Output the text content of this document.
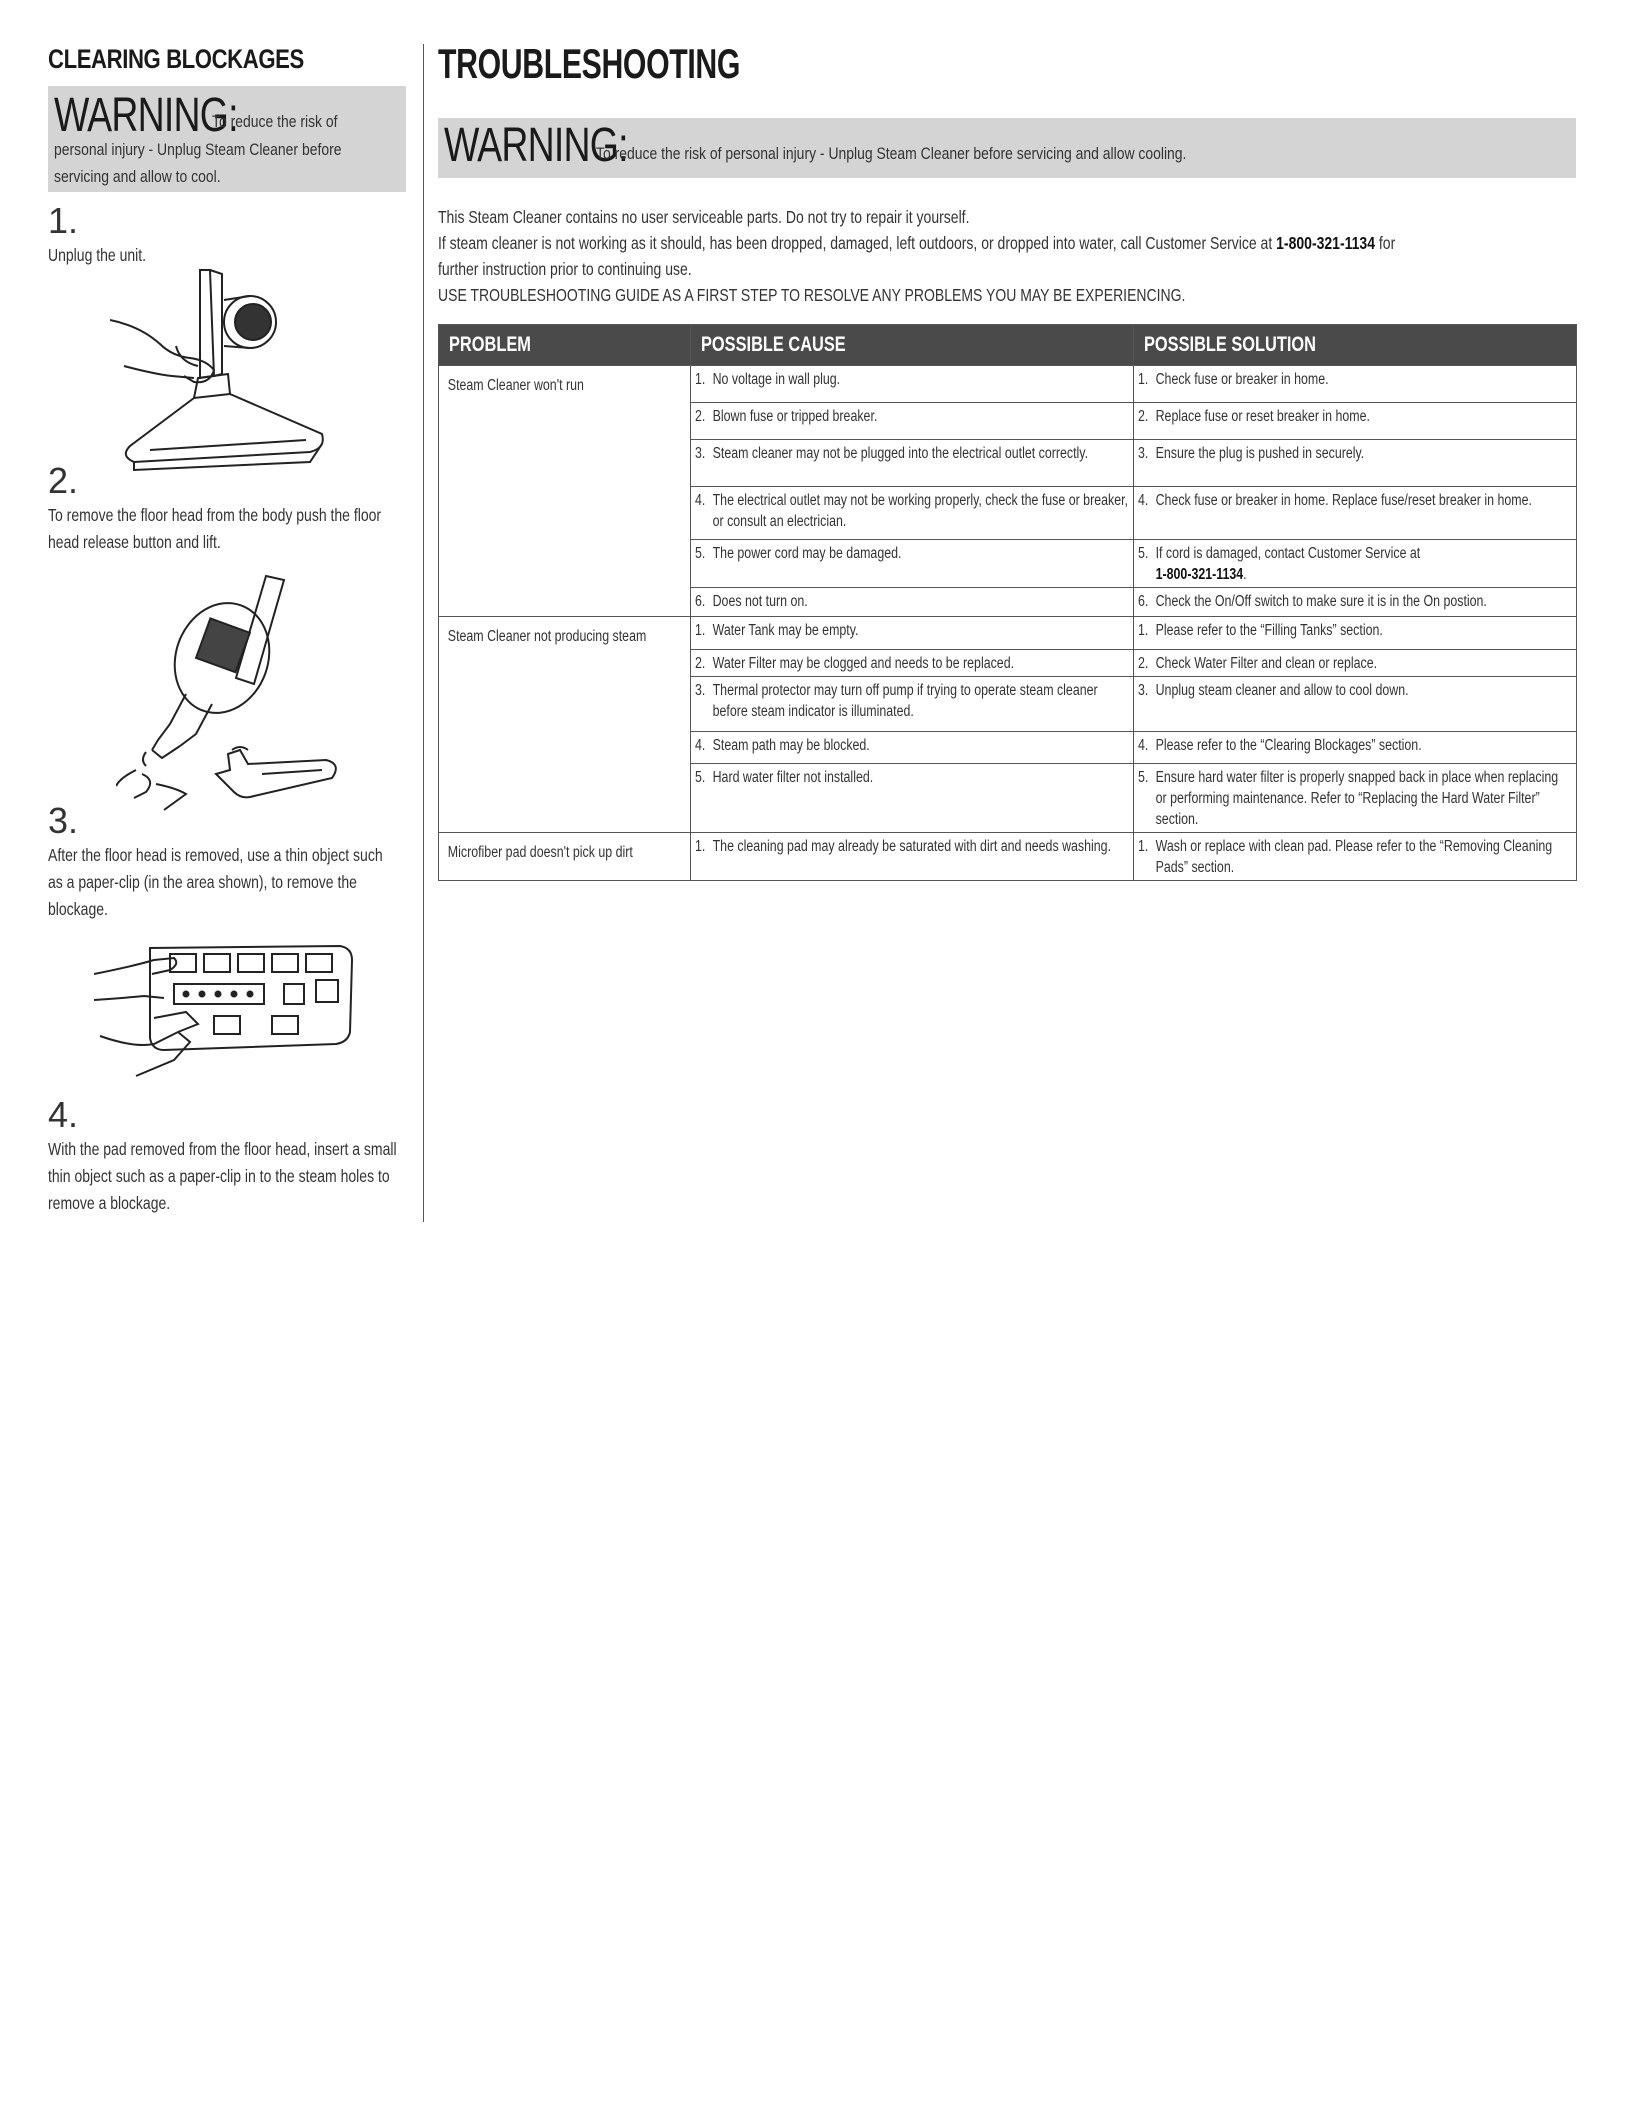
CLEARING BLOCKAGES
WARNING:
To reduce the risk of
personal injury - Unplug Steam Cleaner before servicing and allow to cool.
1.
Unplug the unit.
2.
To remove the floor head from the body push the floor head release button and lift.
3.
After the floor head is removed, use a thin object such as a paper-clip (in the area shown), to remove the blockage.
4.
With the pad removed from the floor head, insert a small thin object such as a paper-clip in to the steam holes to remove a blockage.
TROUBLESHOOTING
WARNING:
To reduce the risk of personal injury - Unplug Steam Cleaner before servicing and allow cooling.

This Steam Cleaner contains no user serviceable parts. Do not try to repair it yourself.

If steam cleaner is not working as it should, has been dropped, damaged, left outdoors, or dropped into water, call Customer Service at 1-800-321-1134 for

further instruction prior to continuing use.

USE TROUBLESHOOTING GUIDE AS A FIRST STEP TO RESOLVE ANY PROBLEMS YOU MAY BE EXPERIENCING.

PROBLEM	POSSIBLE CAUSE	POSSIBLE SOLUTION
Steam Cleaner won't run	1. No voltage in wall plug.	1. Check fuse or breaker in home.

	2. Blown fuse or tripped breaker.	2. Replace fuse or reset breaker in home.

	3. Steam cleaner may not be plugged into the electrical outlet correctly.	3. Ensure the plug is pushed in securely.

	4. The electrical outlet may not be working properly, check the fuse or breaker, or consult an electrician.	4. Check fuse or breaker in home. Replace fuse/reset breaker in home.

	5. The power cord may be damaged.	5. If cord is damaged, contact Customer Service at
1-800-321-1134.

	6. Does not turn on.	6. Check the On/Off switch to make sure it is in the On postion.

Steam Cleaner not producing steam	1. Water Tank may be empty.	1. Please refer to the “Filling Tanks” section.

	2. Water Filter may be clogged and needs to be replaced.	2. Check Water Filter and clean or replace.

	3. Thermal protector may turn off pump if trying to operate steam cleaner before steam indicator is illuminated.	3. Unplug steam cleaner and allow to cool down.

	4. Steam path may be blocked.	4. Please refer to the “Clearing Blockages” section.

	5. Hard water filter not installed.	5. Ensure hard water filter is properly snapped back in place when replacing or performing maintenance. Refer to “Replacing the Hard Water Filter” section.

Microfiber pad doesn't pick up dirt	1. The cleaning pad may already be saturated with dirt and needs washing.	1. Wash or replace with clean pad. Please refer to the “Removing Cleaning Pads” section.
